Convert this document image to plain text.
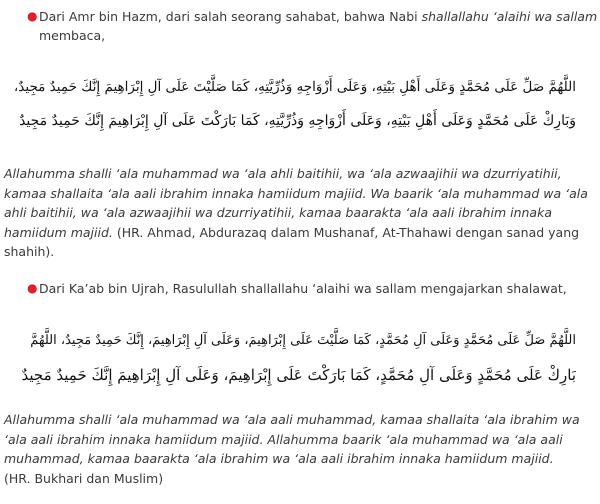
● Dari Amr bin Hazm, dari salah seorang sahabat, bahwa Nabi shallallahu ‘alaihi wa sallam membaca,
اللَّهُمَّ صَلِّ عَلَى مُحَمَّدٍ وَعَلَى أَهْلِ بَيْتِهِ، وَعَلَى أَزْوَاجِهِ وَذُرِّيَّتِهِ، كَمَا صَلَّيْتَ عَلَى آلِ إِبْرَاهِيمَ إِنَّكَ حَمِيدٌ مَجِيدٌ،
وَبَارِكْ عَلَى مُحَمَّدٍ وَعَلَى أَهْلِ بَيْتِهِ، وَعَلَى أَزْوَاجِهِ وَذُرِّيَّتِهِ، كَمَا بَارَكْتَ عَلَى آلِ إِبْرَاهِيمَ إِنَّكَ حَمِيدٌ مَجِيدٌ
Allahumma shalli ‘ala muhammad wa ‘ala ahli baitihii, wa ‘ala azwaajihii wa dzurriyatihii, kamaa shallaita ‘ala aali ibrahim innaka hamiidum majiid. Wa baarik ‘ala muhammad wa ‘ala ahli baitihii, wa ‘ala azwaajihii wa dzurriyatihii, kamaa baarakta ‘ala aali ibrahim innaka hamiidum majiid. (HR. Ahmad, Abdurazaq dalam Mushanaf, At-Thahawi dengan sanad yang shahih).
● Dari Ka’ab bin Ujrah, Rasulullah shallallahu ‘alaihi wa sallam mengajarkan shalawat,
اللَّهُمَّ صَلِّ عَلَى مُحَمَّدٍ وَعَلَى آلِ مُحَمَّدٍ، كَمَا صَلَّيْتَ عَلَى إِبْرَاهِيمَ، وَعَلَى آلِ إِبْرَاهِيمَ، إِنَّكَ حَمِيدٌ مَجِيدٌ، اللَّهُمَّ
بَارِكْ عَلَى مُحَمَّدٍ وَعَلَى آلِ مُحَمَّدٍ، كَمَا بَارَكْتَ عَلَى إِبْرَاهِيمَ، وَعَلَى آلِ إِبْرَاهِيمَ إِنَّكَ حَمِيدٌ مَجِيدٌ
Allahumma shalli ‘ala muhammad wa ‘ala aali muhammad, kamaa shallaita ‘ala ibrahim wa ‘ala aali ibrahim innaka hamiidum majiid. Allahumma baarik ‘ala muhammad wa ‘ala aali muhammad, kamaa baarakta ‘ala ibrahim wa ‘ala aali ibrahim innaka hamiidum majiid.
(HR. Bukhari dan Muslim)
